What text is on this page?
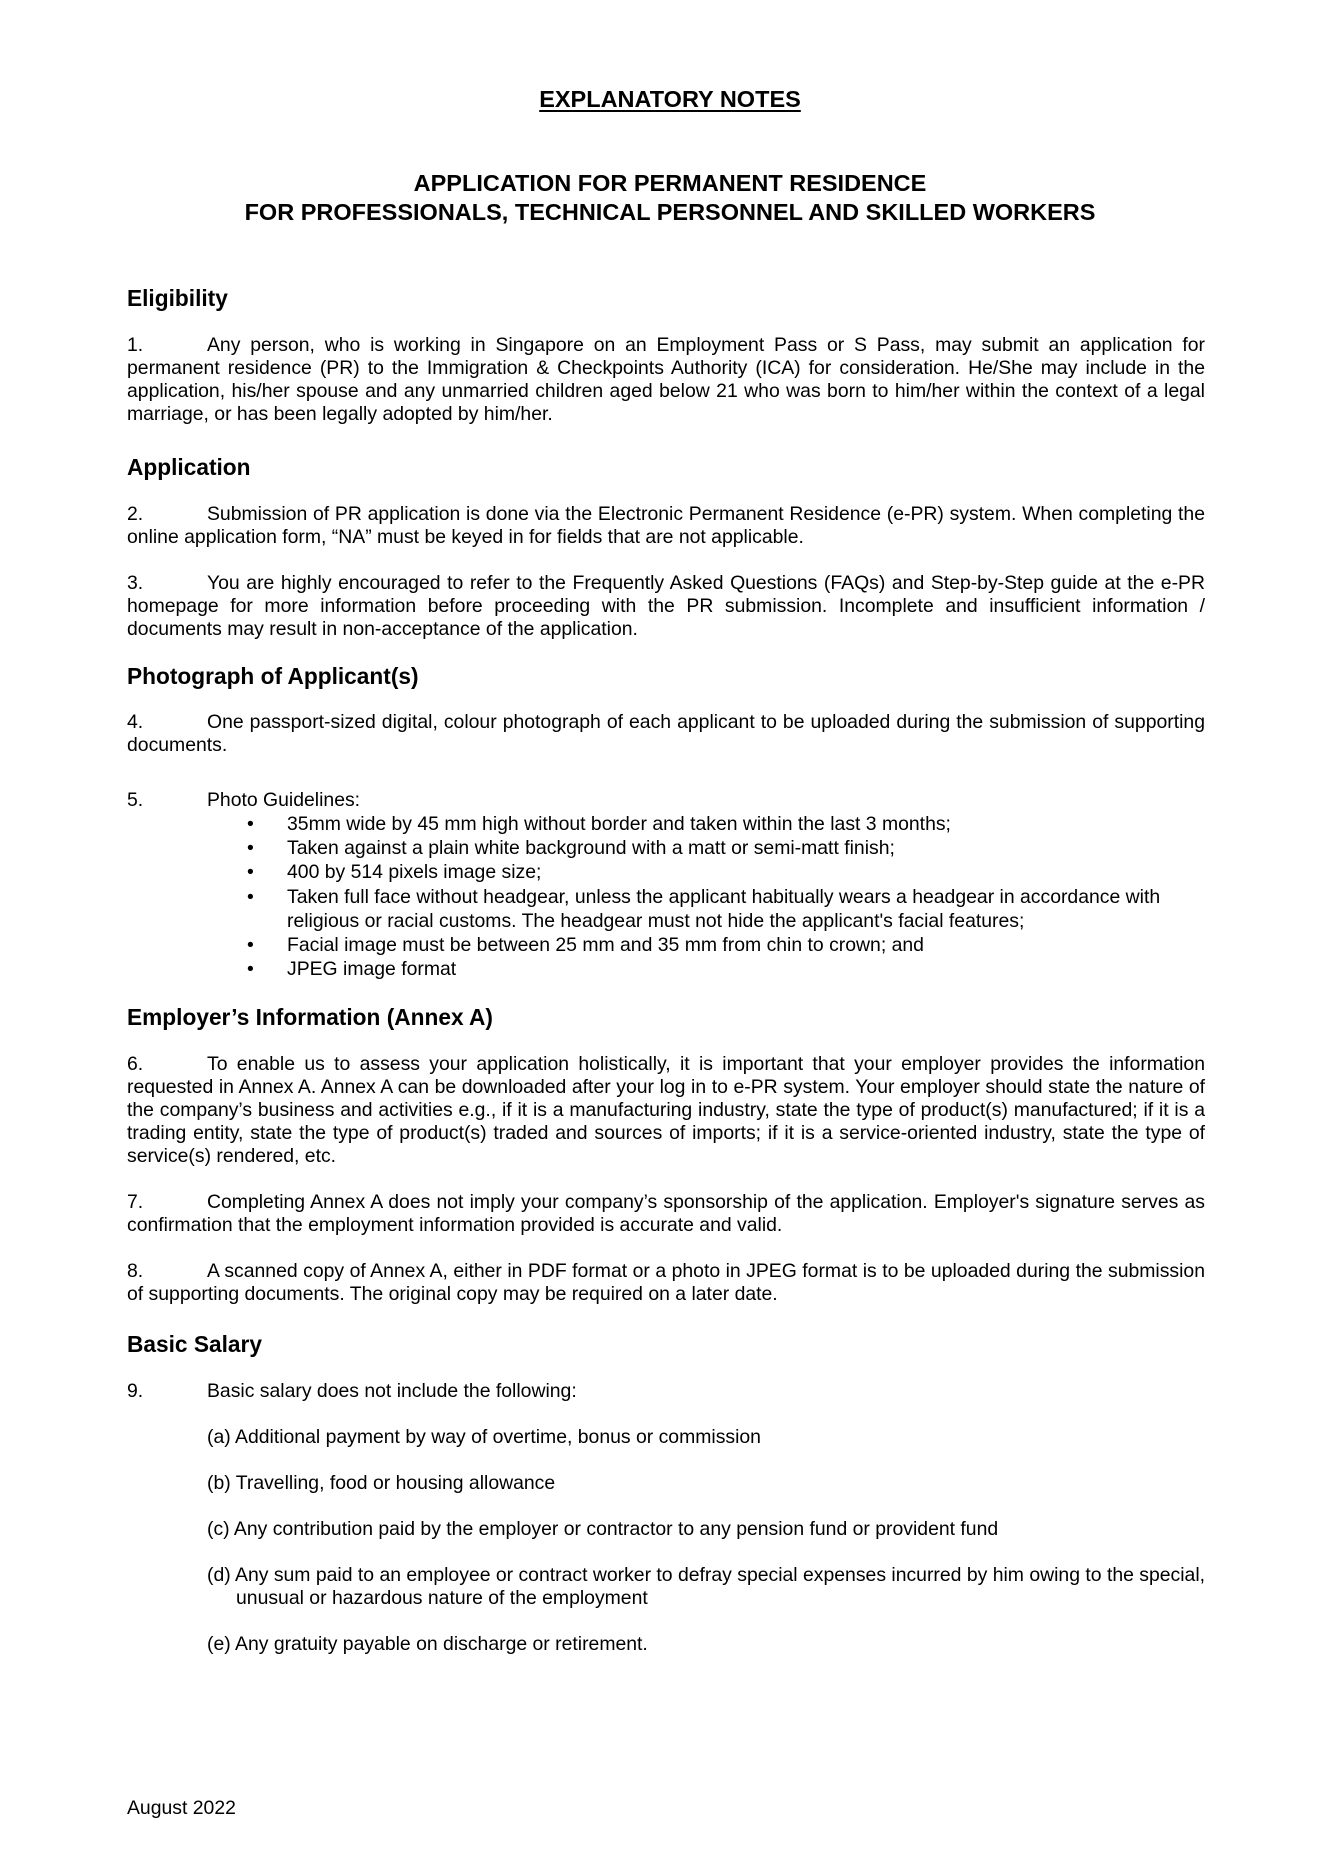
EXPLANATORY NOTES
APPLICATION FOR PERMANENT RESIDENCE
FOR PROFESSIONALS, TECHNICAL PERSONNEL AND SKILLED WORKERS
Eligibility

1.	Any person, who is working in Singapore on an Employment Pass or S Pass, may submit an application for permanent residence (PR) to the Immigration & Checkpoints Authority (ICA) for consideration. He/She may include in the application, his/her spouse and any unmarried children aged below 21 who was born to him/her within the context of a legal marriage, or has been legally adopted by him/her.

Application

2.	Submission of PR application is done via the Electronic Permanent Residence (e-PR) system. When completing the online application form, “NA” must be keyed in for fields that are not applicable.

3.	You are highly encouraged to refer to the Frequently Asked Questions (FAQs) and Step-by-Step guide at the e-PR homepage for more information before proceeding with the PR submission. Incomplete and insufficient information / documents may result in non-acceptance of the application.

Photograph of Applicant(s)

4.	One passport-sized digital, colour photograph of each applicant to be uploaded during the submission of supporting documents.

5.	Photo Guidelines:

• 35mm wide by 45 mm high without border and taken within the last 3 months;
• Taken against a plain white background with a matt or semi-matt finish;
• 400 by 514 pixels image size;
• Taken full face without headgear, unless the applicant habitually wears a headgear in accordance with religious or racial customs. The headgear must not hide the applicant's facial features;
• Facial image must be between 25 mm and 35 mm from chin to crown; and
• JPEG image format
Employer’s Information (Annex A)

6.	To enable us to assess your application holistically, it is important that your employer provides the information requested in Annex A. Annex A can be downloaded after your log in to e-PR system. Your employer should state the nature of the company’s business and activities e.g., if it is a manufacturing industry, state the type of product(s) manufactured; if it is a trading entity, state the type of product(s) traded and sources of imports; if it is a service-oriented industry, state the type of service(s) rendered, etc.

7.	Completing Annex A does not imply your company’s sponsorship of the application. Employer's signature serves as confirmation that the employment information provided is accurate and valid.

8.	A scanned copy of Annex A, either in PDF format or a photo in JPEG format is to be uploaded during the submission of supporting documents. The original copy may be required on a later date.

Basic Salary

9.	Basic salary does not include the following:

(a) Additional payment by way of overtime, bonus or commission

(b) Travelling, food or housing allowance

(c) Any contribution paid by the employer or contractor to any pension fund or provident fund

(d) Any sum paid to an employee or contract worker to defray special expenses incurred by him owing to the special, unusual or hazardous nature of the employment

(e) Any gratuity payable on discharge or retirement.

August 2022
